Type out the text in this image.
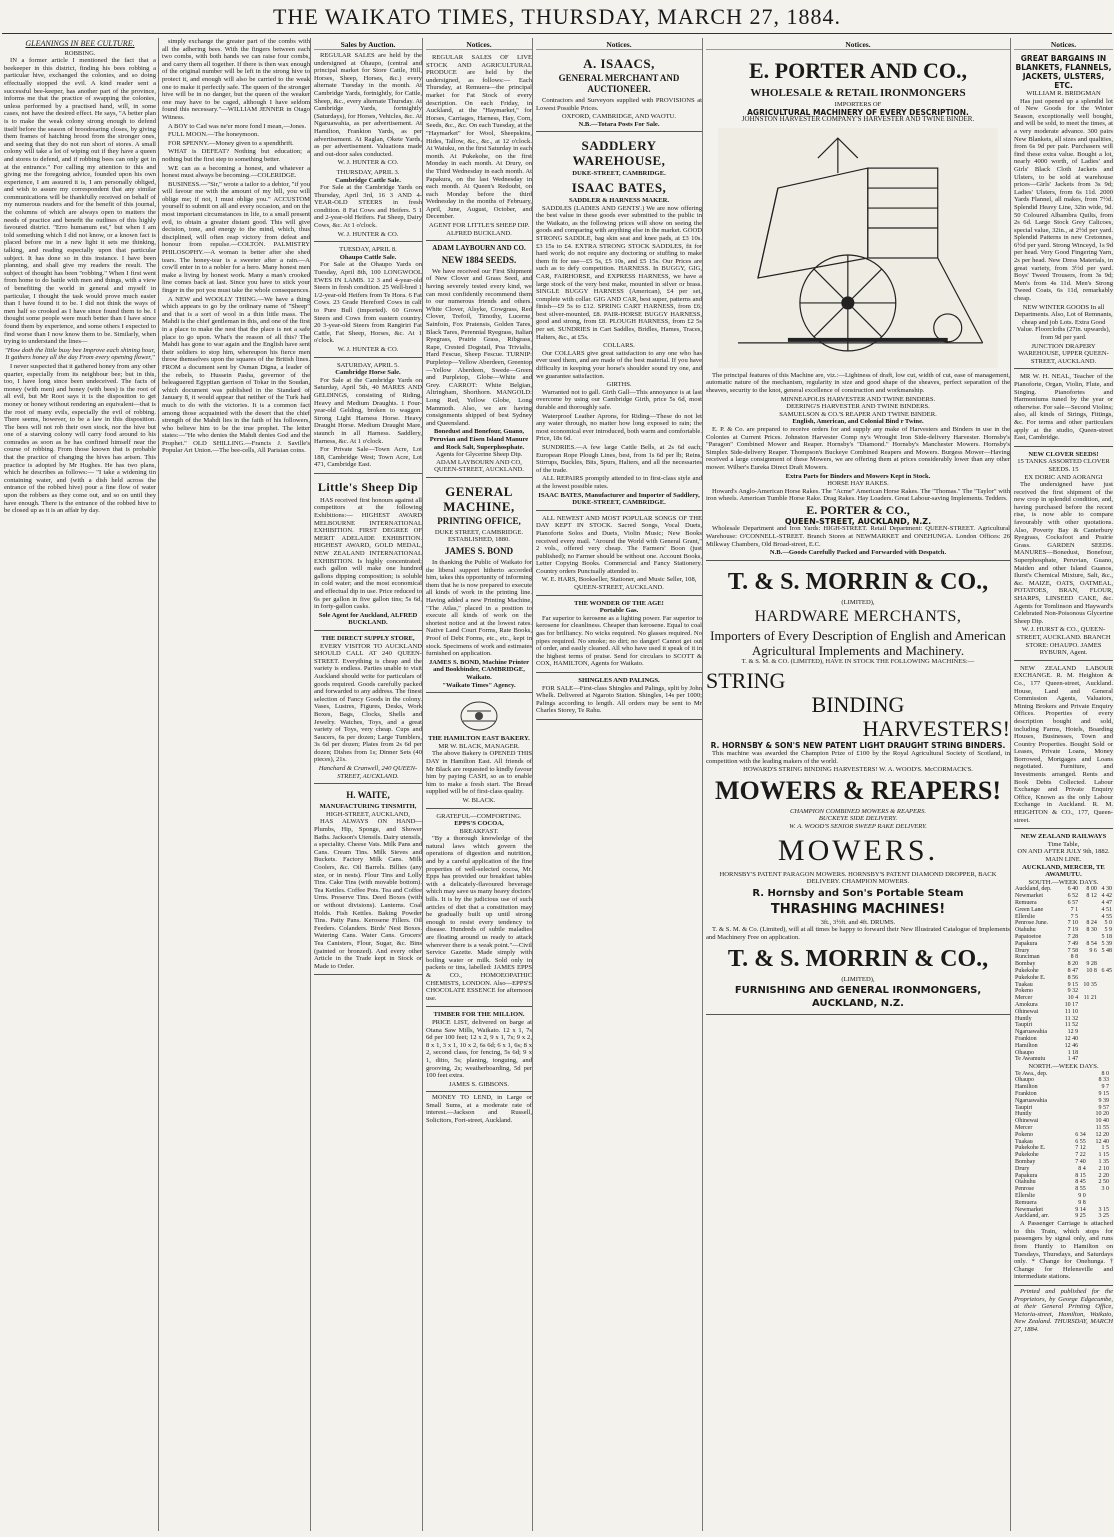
THE WAIKATO TIMES, THURSDAY, MARCH 27, 1884.
GLEANINGS IN BEE CULTURE.
ROBBING.

IN a former article I mentioned the fact that a beekeeper in this district, finding his bees robbing a particular hive, exchanged the colonies, and so doing effectually stopped the evil. A kind reader sent a successful bee-keeper, has another part of the province, informs me that the practice of swapping the colonies, unless performed by a practised hand, will, in some cases, not have the desired effect. He says, "A better plan is to make the weak colony strong enough to defend itself before the season of broodrearing closes, by giving them frames of hatching brood from the stronger ones, and seeing that they do not run short of stores. A small colony will take a lot of wiping out if they have a queen and stores to defend, and if robbing bees can only get in at the entrance." For calling my attention to this and giving me the foregoing advice, founded upon his own experience, I am assured it is, I am personally obliged, and wish to assure my correspondent that any similar communications will be thankfully received on behalf of my numerous readers and for the benefit of this journal, the columns of which are always open to matters the needs of practice and benefit the outlines of this highly favoured district. "Erro humanum est," but when I am told something which I did not know, or a known fact is placed before me in a new light it sets me thinking, talking, and reading especially upon that particular subject. It has done so in this instance. I have been planning, and shall give my readers the result. The subject of thought has been "robbing." When I first went from home to do battle with men and things, with a view of benefiting the world in general and myself in particular, I thought the task would prove much easier than I have found it to be. I did not think the ways of men half so crooked as I have since found them to be. I thought some people were much better than I have since found them by experience, and some others I expected to find worse than I now know them to be. Similarly, when trying to understand the lines—

"How doth the little busy bee Improve each shining hour, It gathers honey all the day From every opening flower,"

I never suspected that it gathered honey from any other quarter, especially from its neighbour bee; but in this, too, I have long since been undeceived. The facts of money (with men) and honey (with bees) is the root of all evil, but Mr Root says it is the disposition to get money or honey without rendering an equivalent—that is the root of many evils, especially the evil of robbing. There seems, however, to be a law in this disposition. The bees will not rob their own stock, nor the hive but one of a starving colony will carry food around to his comrades as soon as he has confined himself near the course of robbing. From those known that is probable that the practice of changing the hives has arisen. This practice is adopted by Mr Hughes. He has two plans, which he describes as follows:— "I take a widening tin containing water, and (with a dish held across the entrance of the robbed hive) pour a fine flow of water upon the robbers as they come out, and so on until they have enough. There is the entrance of the robbed hive to be closed up as it is an affair by day.

simply exchange the greater part of the combs with all the adhering bees. With the fingers between each two combs, with both hands we can raise four combs, and carry them all together. If there is then wax enough of the original number will be left in the strong hive to protect it, and enough will also be carried to the weak one to make it perfectly safe. The queen of the stronger hive will be in no danger, but the queen of the weaker one may have to be caged, although I have seldom found this necessary."—WILLIAM JENNER in Otago Witness.

A BOY to Cad was ne'er more fond I mean,—Jones.

FULL MOON.—The honeymoon.

FOR SPENNY.—Money given to a spendthrift.

WHAT is DEFEAT? Nothing but education; a nothing but the first step to something better.

WE can as a becoming a honest, and whatever a honest must always be becoming.—COLERIDGE.

BUSINESS.—"Sir," wrote a tailor to a debtor, "if you will favour me with the amount of my bill, you will oblige me; if not, I must oblige you." ACCUSTOM yourself to submit on all and every occasion, and on the most important circumstances in life, to a small present evil, to obtain a greater distant good. This will give decision, tone, and energy to the mind, which, thus disciplined, will often reap victory from defeat and honour from repulse.—COLTON. PALMISTRY PHILOSOPHY.—A woman is better after she shed tears. The honey-tear is a sweeter after a rain.—A cow'll enter in to a nobler for a hero. Many honest men make a living by honest work. Many a man's crooked line comes back at last. Since you have to stick your finger in the pot you must take the whole consequences.

A NEW and WOOLLY THING.—We have a thing which appears to go by the ordinary name of "Sheep" and that is a sort of wool in a thin little mass. The Mahdi is the chief gentleman in this, and one of the first in a place to make the nest that the place is not a safe place to go upon. What's the reason of all this? The Mahdi has gone to war again and the English have sent their soldiers to stop him, whereupon his fierce men throw themselves upon the squares of the British lines. FROM a document sent by Osman Digna, a leader of the rebels, to Hussein Pasha, governor of the beleaguered Egyptian garrison of Tokar in the Soudan, which document was published in the Standard of January 8, it would appear that neither of the Turk had much to do with the victories. It is a common fact among those acquainted with the desert that the chief strength of the Mahdi lies in the faith of his followers, who believe him to be the true prophet. The letter states:—"He who denies the Mahdi denies God and the Prophet." OLD SHILLING.—Francis J. Saville's Popular Art Union.—The bee-cells, All Parisian coins.

Sales by Auction.

REGULAR SALES are held by the undersigned at Ohaupo, (central and principal market for Store Cattle, Hill, Horses, Sheep, Horses, &c.) every alternate Tuesday in the month. At Cambridge Yards, fortnightly, for Cattle, Sheep, &c., every alternate Thursday. At Cambridge Yards, fortnightly (Saturdays), for Horses, Vehicles, &c. At Ngaruawahia, as per advertisement. At Hamilton, Frankton Yards, as per advertisement. At Raglan, Okete Yards, as per advertisement. Valuations made and out-door sales conducted.

W. J. HUNTER & CO.
THURSDAY, APRIL 3.
Cambridge Cattle Sale.

For Sale at the Cambridge Yards on Thursday, April 3rd, 16 3 AND 4-YEAR-OLD STEERS in fresh condition. 8 Fat Cows and Heifers. 5 1 and 2-year-old Heifers. Fat Sheep, Dairy Cows, &c. At 1 o'clock.

W. J. HUNTER & CO.
TUESDAY, APRIL 8.
Ohaupo Cattle Sale.

For Sale at the Ohaupo Yards on Tuesday, April 8th, 100 LONGWOOL EWES IN LAMB. 12 3 and 4-year-old Steers in fresh condition. 25 Well-bred 1 1/2-year-old Heifers from Te Hora. 6 Fat Cows. 23 Grade Hereford Cows in calf to Pure Bull (imported). 60 Grown Steers and Cows from eastern country. 20 3-year-old Steers from Rangiriri Fat Cattle, Fat Sheep, Horses, &c. At 1 o'clock.

W. J. HUNTER & CO.
SATURDAY, APRIL 5.
Cambridge Horse Sale.

For Sale at the Cambridge Yards on Saturday, April 5th, 40 MARES AND GELDINGS, consisting of Riding, Heavy and Medium Draughts. 1 Four-year-old Gelding, broken to waggon. Strong Light Harness Horse. Heavy Draught Horse. Medium Draught Mare, staunch in all Harness. Saddlery, Harness, &c. At 1 o'clock.

For Private Sale—Town Acre, Lot 188, Cambridge West; Town Acre, Lot 471, Cambridge East.

Little's Sheep Dip

HAS received first honours against all competitors at the following Exhibitions:— HIGHEST AWARD MELBOURNE INTERNATIONAL EXHIBITION. FIRST DEGREE OF MERIT ADELAIDE EXHIBITION. HIGHEST AWARD, GOLD MEDAL, NEW ZEALAND INTERNATIONAL EXHIBITION. Is highly concentrated; each gallon will make one hundred gallons dipping composition; is soluble in cold water; and the most economical and effectual dip in use. Price reduced to 6s per gallon in five gallon tins; 5s 6d, in forty-gallon casks.

Sole Agent for Auckland, ALFRED BUCKLAND.
THE DIRECT SUPPLY STORE,

EVERY VISITOR TO AUCKLAND SHOULD CALL AT 240 QUEEN-STREET. Everything is cheap and the variety is endless. Parties unable to visit Auckland should write for particulars of goods required. Goods carefully packed and forwarded to any address. The finest selection of Fancy Goods in the colony. Vases, Lustres, Figures, Desks, Work Boxes, Bags, Clocks, Shells and Jewelry. Watches, Toys, and a great variety of Toys, very cheap. Cups and Saucers, 6s per dozen; Large Tumblers, 3s 6d per dozen; Plates from 2s 6d per dozen; Dishes from 1s; Dinner Sets (40 pieces), 21s.

Hanchard & Cranwell, 240 QUEEN-STREET, AUCKLAND.
H. WAITE,
MANUFACTURING TINSMITH,
HIGH-STREET, AUCKLAND,

HAS ALWAYS ON HAND— Plumbs, Hip, Sponge, and Shower Baths. Jackson's Utensils. Dairy utensils, a speciality. Cheese Vats. Milk Pans and Cans. Cream Tins. Milk Sieves and Buckets. Factory Milk Cans. Milk Coolers, &c. Oil Barrels. Billies (any size, or in nests). Flour Tins and Lolly Tins. Cake Tins (with movable bottom). Tea Kettles. Coffee Pots. Tea and Coffee Urns. Preserve Tins. Deed Boxes (with or without divisions). Lanterns. Coal Holds. Fish Kettles. Baking Powder Tins. Patty Pans. Kerosene Fillers. Oil Feeders. Colanders. Birds' Nest Boxes. Watering Cans. Water Cans. Grocers' Tea Canisters, Flour, Sugar, &c. Bins (painted or bronzed). And every other Article in the Trade kept in Stock or Made to Order.

Notices.

REGULAR SALES OF LIVE STOCK AND AGRICULTURAL PRODUCE are held by the undersigned, as follows:— Each Thursday, at Remuera—the principal market for Fat Stock of every description. On each Friday, in Auckland, at the "Haymarket," for Horses, Carriages, Harness, Hay, Corn, Seeds, &c., &c. On each Tuesday, at the "Haymarket" for Wool, Sheepskins, Hides, Tallow, &c., &c., at 12 o'clock. At Waiuku, on the first Saturday in each month. At Pukekohe, on the first Monday in each month. At Drury, on the Third Wednesday in each month. At Papakura, on the last Wednesday in each month. At Queen's Redoubt, on each Monday before the third Wednesday in the months of February, April, June, August, October, and December.

AGENT FOR LITTLE'S SHEEP DIP. ALFRED BUCKLAND.
ADAM LAYBOURN AND CO.
NEW 1884 SEEDS.

We have received our First Shipment of New Clover and Grass Seed, and having severely tested every kind, we can most confidently recommend them to our numerous friends and others. White Clover, Alsyke, Cowgrass, Red Clover, Trefoil, Timothy, Lucerne, Sainfoin, Fox Pratensis, Golden Tares, Black Tares, Perennial Ryegrass, Italian Ryegrass, Prairie Grass, Ribgrass, Rape, Crested Dogstail, Poa Trivialis, Hard Fescue, Sheep Fescue. TURNIP: Purpletop—Yellow Aberdeen, Greentop—Yellow Aberdeen, Swede—Green and Purpletop, Globe—White and Grey. CARROT: White Belgian, Altringham, Shorthorn. MANGOLD: Long Red, Yellow Globe, Long Mammoth. Also, we are having consignments shipped of best Sydney and Queensland.

Bonedust and Bonefour, Guano, Peruvian and Eisen Island Manure and Rock Salt, Superphosphate.
Agents for Glycerine Sheep Dip.
ADAM LAYBOURN AND CO, QUEEN-STREET, AUCKLAND.
GENERAL MACHINE,
PRINTING OFFICE,
DUKE STREET, CAMBRIDGE.
ESTABLISHED, 1880.
JAMES S. BOND

In thanking the Public of Waikato for the liberal support hitherto accorded him, takes this opportunity of informing them that he is now prepared to execute all kinds of work in the printing line. Having added a new Printing Machine, "The Atlas," placed in a position to execute all kinds of work on the shortest notice and at the lowest rates. Native Land Court Forms, Rate Books, Proof of Debt Forms, etc., etc., kept in stock. Specimens of work and estimates furnished on application.

JAMES S. BOND, Machine Printer and Bookbinder, CAMBRIDGE, Waikato.
"Waikato Times" Agency.
THE HAMILTON EAST BAKERY.
MR W. BLACK, MANAGER.

The above Bakery is OPENED THIS DAY in Hamilton East. All friends of Mr Black are requested to kindly favour him by paying CASH, so as to enable him to make a fresh start. The Bread supplied will be of first-class quality.

W. BLACK.
GRATEFUL—COMFORTING.
EPPS'S COCOA,
BREAKFAST.

"By a thorough knowledge of the natural laws which govern the operations of digestion and nutrition, and by a careful application of the fine properties of well-selected cocoa, Mr. Epps has provided our breakfast tables with a delicately-flavoured beverage which may save us many heavy doctors' bills. It is by the judicious use of such articles of diet that a constitution may be gradually built up until strong enough to resist every tendency to disease. Hundreds of subtle maladies are floating around us ready to attack wherever there is a weak point."—Civil Service Gazette. Made simply with boiling water or milk. Sold only in packets or tins, labelled: JAMES EPPS & CO., HOMOEOPATHIC CHEMISTS, LONDON. Also—EPPS'S CHOCOLATE ESSENCE for afternoon use.

TIMBER FOR THE MILLION.

PRICE LIST, delivered on barge at Otana Saw Mills, Waikato. 12 x 1, 7s 6d per 100 feet; 12 x 2, 9 x 1, 7s; 9 x 2, 8 x 1, 3 x 1, 10 x 2, 6s 6d; 6 x 1, 6s; 8 x 2, second class, for fencing, 5s 6d; 9 x 1, ditto, 5s; planing, tonguing, and grooving, 2s; weatherboarding, 5d per 100 feet extra.

JAMES S. GIBBONS.

MONEY TO LEND, in Large or Small Sums, at a moderate rate of interest.—Jackson and Russell, Solicitors, Fort-street, Auckland.

Notices.
A. ISAACS,
GENERAL MERCHANT AND AUCTIONEER.

Contractors and Surveyors supplied with PROVISIONS at Lowest Possible Prices.

OXFORD, CAMBRIDGE, AND WAOTU.
N.B.—Totara Posts For Sale.
SADDLERY WAREHOUSE,
DUKE-STREET, CAMBRIDGE.
ISAAC BATES,
SADDLER & HARNESS MAKER.

SADDLES (LADIES AND GENTS'.) We are now offering the best value in these goods ever submitted to the public in the Waikato, as the following prices will show on seeing the goods and comparing with anything else in the market. GOOD STRONG SADDLE, bag skin seat and knee pads, at £3 10s. £3 15s to £4. EXTRA STRONG STOCK SADDLES, fit for hard work; do not require any doctoring or stuffing to make them fit for use—£5 5s, £5 10s, and £5 15s. Our Prices are such as to defy competition. HARNESS. In BUGGY, GIG, CAR, FAIRHORSE, and EXPRESS HARNESS, we have a large stock of the very best make, mounted in silver or brass. SINGLE BUGGY HARNESS (American), £4 per set, complete with collar. GIG AND CAR, best super, patterns and finish—£9 5s to £12. SPRING CART HARNESS, from £6; best silver-mounted, £8. PAIR-HORSE BUGGY HARNESS, good and strong, from £8. PLOUGH HARNESS, from £2 5s per set. SUNDRIES in Cart Saddles, Bridles, Hames, Traces, Halters, &c., at £5s.

COLLARS.

Our COLLARS give great satisfaction to any one who has ever used them, and are made of the best material. If you have difficulty in keeping your horse's shoulder sound try one, and we guarantee satisfaction.

GIRTHS.

Warranted not to gall. Girth Gall—This annoyance is at last overcome by using our Cambridge Girth, price 5s 6d, most durable and thoroughly safe.

Waterproof Leather Aprons, for Riding—These do not let any water through, no matter how long exposed to rain; the most economical ever introduced, both warm and comfortable. Price, 18s 6d.

SUNDRIES.—A few large Cattle Bells, at 2s 6d each; European Rope Plough Lines, best, from 1s 6d per lb; Reins, Stirrups, Buckles, Bits, Spurs, Halters, and all the necessaries of the trade.

ALL REPAIRS promptly attended to in first-class style and at the lowest possible rates.

ISAAC BATES, Manufacturer and Importer of Saddlery, DUKE-STREET, CAMBRIDGE.

ALL NEWEST AND MOST POPULAR SONGS OF THE DAY KEPT IN STOCK. Sacred Songs, Vocal Duets, Pianoforte Solos and Duets, Violin Music; New Books received every mail. "Around the World with General Grant," 2 vols., offered very cheap. The Farmers' Boon (just published); no Farmer should be without one. Account Books, Letter Copying Books. Commercial and Fancy Stationery. Country orders Punctually attended to.

W. E. HARS, Bookseller, Stationer, and Music Seller, 108, QUEEN-STREET, AUCKLAND.
THE WONDER OF THE AGE!
Portable Gas.

Far superior to kerosene as a lighting power. Far superior to kerosene for cleanliness. Cheaper than kerosene. Equal to coal gas for brilliancy. No wicks required. No glasses required. No pipes required. No smoke; no dirt; no danger! Cannot get out of order, and easily cleaned. All who have used it speak of it in the highest terms of praise. Send for circulars to SCOTT & COX, HAMILTON, Agents for Waikato.

SHINGLES AND PALINGS.

FOR SALE—First-class Shingles and Palings, split by John Whelk. Delivered at Ngaroto Station. Shingles, 14s per 1000; Palings according to length. All orders may be sent to Mr Charles Storey, Te Rahu.

Notices.
E. PORTER AND CO.,
WHOLESALE & RETAIL IRONMONGERS
IMPORTERS OF
AGRICULTURAL MACHINERY OF EVERY DESCRIPTION.
JOHNSTON HARVESTER COMPANY'S HARVESTER AND TWINE BINDER.

The principal features of this Machine are, viz.:—Lightness of draft, low cut, width of cut, ease of management, automatic nature of the mechanism, regularity in size and good shape of the sheaves, perfect separation of the sheaves, security to the knot, general excellence of construction and workmanship.

MINNEAPOLIS HARVESTER AND TWINE BINDERS.
DEERING'S HARVESTER AND TWINE BINDERS.
SAMUELSON & CO.'S REAPER AND TWINE BINDER.
English, American, and Colonial Bind r Twine.

E. P. & Co. are prepared to receive orders for and supply any make of Harvesters and Binders in use in the Colonies at Current Prices. Johnston Harvester Comp ny's Wrought Iron Side-delivery Harvester. Hornsby's "Paragon" Combined Mower and Reaper. Hornsby's "Diamond." Hornsby's Manchester Mowers. Hornsby's Simplex Side-delivery Reaper. Thompson's Buckeye Combined Reapers and Mowers. Burgess Mower—Having received a large consignment of these Mowers, we are offering them at prices considerably lower than any other mower. Wilber's Eureka Direct Draft Mowers.

Extra Parts for Binders and Mowers Kept in Stock.
HORSE HAY RAKES.

Howard's Anglo-American Horse Rakes. The "Acme" American Horse Rakes. The "Thomas." The "Taylor" with iron wheels. American Tumble Horse Rake. Drag Rakes. Hay Loaders. Great Labour-saving Implements. Tedders.

E. PORTER & CO.,
QUEEN-STREET, AUCKLAND, N.Z.

Wholesale Department and Iron Yards: HIGH-STREET. Retail Department: QUEEN-STREET. Agricultural Warehouse: O'CONNELL-STREET. Branch Stores at NEWMARKET and ONEHUNGA. London Offices: 26 Milkway Chambers, Old Broad-street, E.C.

N.B.—Goods Carefully Packed and Forwarded with Despatch.
T. & S. MORRIN & CO.,
(LIMITED),
HARDWARE MERCHANTS,
Importers of Every Description of English and American Agricultural Implements and Machinery.
T. & S. M. & CO. (LIMITED), HAVE IN STOCK THE FOLLOWING MACHINES:—
STRING
BINDING
HARVESTERS!
R. HORNSBY & SON'S NEW PATENT LIGHT DRAUGHT STRING BINDERS.

This machine was awarded the Champion Prize of £100 by the Royal Agricultural Society of Scotland, in competition with the leading makers of the world.

HOWARD'S STRING BINDING HARVESTERS! W. A. WOOD'S. McCORMACK'S.
MOWERS & REAPERS!
CHAMPION COMBINED MOWERS & REAPERS.
BUCKEYE SIDE DELIVERY.
W. A. WOOD'S SENIOR SWEEP RAKE DELIVERY.
MOWERS.
HORNSBY'S PATENT PARAGON MOWERS. HORNSBY'S PATENT DIAMOND DROPPER, BACK DELIVERY. CHAMPION MOWERS.
R. Hornsby and Son's Portable Steam
THRASHING MACHINES!
3ft., 3½ft. and 4ft. DRUMS.

T. & S. M. & Co. (Limited), will at all times be happy to forward their New Illustrated Catalogue of Implements and Machinery Free on application.

T. & S. MORRIN & CO.,
(LIMITED),
FURNISHING AND GENERAL IRONMONGERS,
AUCKLAND, N.Z.
Notices.
GREAT BARGAINS IN BLANKETS, FLANNELS, JACKETS, ULSTERS, ETC.
WILLIAM R. BRIDGMAN

Has just opened up a splendid lot of New Goods for the Winter Season, exceptionally well bought, and will be sold, to meet the times, at a very moderate advance. 300 pairs New Blankets, all sizes and qualities, from 6s 9d per pair. Purchasers will find these extra value. Bought a lot, nearly 4000 worth, of Ladies' and Girls' Black Cloth Jackets and Ulsters, to be sold at warehouse prices—Girls' Jackets from 3s 9d; Ladies' Ulsters, from 6s 11d. 2000 Yards Flannel, all makes, from 7½d. Splendid Heavy Line, 32in wide, 9d. 50 Coloured Albambra Quilts, from 2s 6d. Large Stock Grey Calicoes, special value, 32in., at 2½d per yard. Splendid Patterns in new Cretonnes, 6½d per yard. Strong Winceyd, 1s 9d per head. Very Good Fingering Yarn, 2s per head. New Dress Materials, in great variety, from 3½d per yard. Boys' Tweed Trousers, from 3s 9d; Men's from 4s 11d. Men's Strong Tweed Coats, 6s 11d, remarkably cheap.

NEW WINTER GOODS In all Departments. Also, Lot of Remnants, cheap and job Lots. Extra Good Value. Floorcloths (27in. upwards), from 9d per yard.

JUNCTION DRAPERY WAREHOUSE, UPPER QUEEN-STREET, AUCKLAND.

MR W. H. NEAL, Teacher of the Pianoforte, Organ, Violin, Flute, and Singing. Pianofortes and Harmoniums tuned by the year or otherwise. For sale—Second Violins; also, all kinds of Strings, Fittings, &c. For terms and other particulars apply at the studio, Queen-street East, Cambridge.

NEW CLOVER SEEDS!
15 TANKS ASSORTED CLOVER SEEDS. 15
EX DORIC AND AORANGI

The undersigned have just received the first shipment of the new crop in splendid condition, and, having purchased before the recent rise, is now able to compare favourably with other quotations. Also, Poverty Bay & Canterbury Ryegrass, Cocksfoot and Prairie Grass. GARDEN SEEDS. MANURES—Bonedust, Bonefour, Superphosphate, Peruvian, Guano, Maiden and other Island Guanos, Ilurst's Chemical Mixture, Salt, &c., &c. MAIZE, OATS, OATMEAL, POTATOES, BRAN, FLOUR, SHARPS, LINSEED CAKE, &c. Agents for Tomlinson and Hayward's Celebrated Non-Poisonous Glycerine Sheep Dip.

W. J. HURST & CO., QUEEN-STREET, AUCKLAND. BRANCH STORE: OHAUPO. JAMES RYBURN, Agent.

NEW ZEALAND LABOUR EXCHANGE. R. M. Heighton & Co., 177 Queen-street, Auckland. House, Land and General Commission Agents, Valuators, Mining Brokers and Private Enquiry Offices. Properties of every description bought and sold, including Farms, Hotels, Boarding Houses, Businesses, Town and Country Properties. Bought Sold or Leases, Private Loans, Money Borrowed, Mortgages and Loans negotiated. Furniture, and Investments arranged. Rents and Book Debts Collected. Labour Exchange and Private Enquiry Office, Known as the only Labour Exchange in Auckland. R. M. HEIGHTON & CO., 177, Queen-street.

NEW ZEALAND RAILWAYS
Time Table,
ON AND AFTER JULY 9th, 1882.
MAIN LINE.
AUCKLAND, MERCER, TE AWAMUTU.
SOUTH.—WEEK DAYS.
Auckland, dep.	6 40	8 00	4 30
Newmarket	6 52	8 12	4 42
Remuera	6 57		4 47
Green Lane	7 1		4 51
Ellerslie	7 5		4 55
Penrose June.	7 10	8 24	5 0
Otahuhu	7 19	8 30	5 9
Papatoetoe	7 28		5 18
Papakura	7 49	8 54	5 39
Drury	7 58	9 6	5 48
Runciman	8 8		
Bombay	8 20	9 28	
Pukekohe	8 47	10 8	6 45
Pukekohe E.	8 56		
Tuakau	9 15	10 35	
Pokeno	9 32		
Mercer	10 4	11 21	
Amokura	10 17		
Ohinewai	11 10		
Huntly	11 32		
Taupiri	11 52		
Ngaruawahia	12 9		
Frankton	12 40		
Hamilton	12 46		
Ohaupo	1 18		
Te Awamutu	1 47		
NORTH.—WEEK DAYS.
Te Awa., dep.		8 0	
Ohaupo		8 33	
Hamilton		9 7	
Frankton		9 15	
Ngaruawahia		9 39	
Taupiri		9 57	
Huntly		10 20	
Ohinewai		10 40	
Mercer		11 55	
Pokeno	6 34	12 20	
Tuakau	6 55	12 40	
Pukekohe E.	7 12	1 5	
Pukekohe	7 22	1 15	
Bombay	7 40	1 35	
Drury	8 4	2 10	
Papakura	8 15	2 20	
Otahuhu	8 45	2 50	
Penrose	8 55	3 0	
Ellerslie	9 0		
Remuera	9 8		
Newmarket	9 14	3 15	
Auckland, arr.	9 25	3 25	

A Passenger Carriage is attached to this Train, which stops for passengers by signal only, and runs from Huntly to Hamilton on Tuesdays, Thursdays, and Saturdays only. * Change for Onehunga. † Change for Helensville and intermediate stations.

Printed and published for the Proprietors, by George Edgecumbe, at their General Printing Office, Victoria-street, Hamilton, Waikato, New Zealand. THURSDAY, MARCH 27, 1884.
